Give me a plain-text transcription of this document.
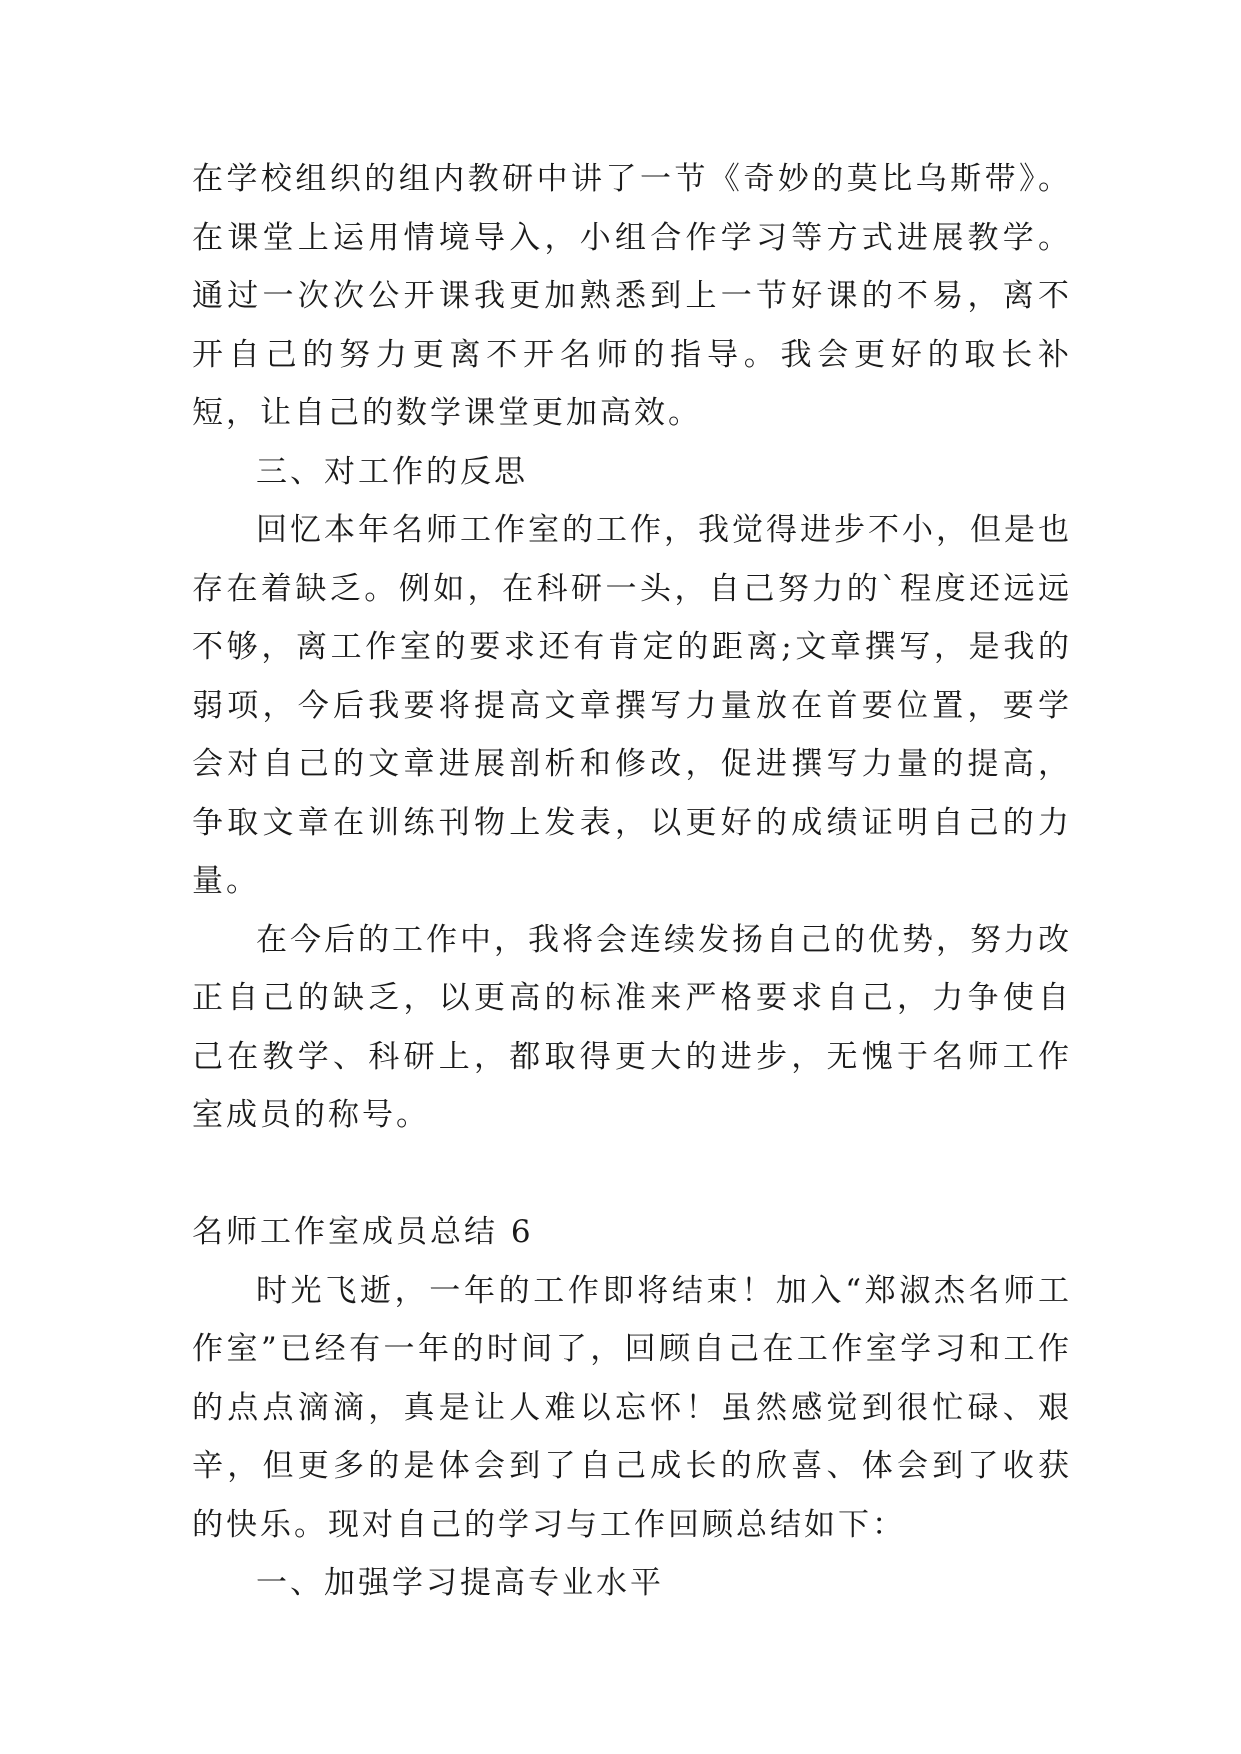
在学校组织的组内教研中讲了一节《奇妙的莫比乌斯带》。在课堂上运用情境导入，小组合作学习等方式进展教学。通过一次次公开课我更加熟悉到上一节好课的不易，离不开自己的努力更离不开名师的指导。我会更好的取长补短，让自己的数学课堂更加高效。

三、对工作的反思

回忆本年名师工作室的工作，我觉得进步不小，但是也存在着缺乏。例如，在科研一头，自己努力的`程度还远远不够，离工作室的要求还有肯定的距离;文章撰写，是我的弱项，今后我要将提高文章撰写力量放在首要位置，要学会对自己的文章进展剖析和修改，促进撰写力量的提高，争取文章在训练刊物上发表，以更好的成绩证明自己的力量。

在今后的工作中，我将会连续发扬自己的优势，努力改正自己的缺乏，以更高的标准来严格要求自己，力争使自己在教学、科研上，都取得更大的进步，无愧于名师工作室成员的称号。

名师工作室成员总结 6

时光飞逝，一年的工作即将结束！加入“郑淑杰名师工作室”已经有一年的时间了，回顾自己在工作室学习和工作的点点滴滴，真是让人难以忘怀！虽然感觉到很忙碌、艰辛，但更多的是体会到了自己成长的欣喜、体会到了收获的快乐。现对自己的学习与工作回顾总结如下：

一、加强学习提高专业水平
